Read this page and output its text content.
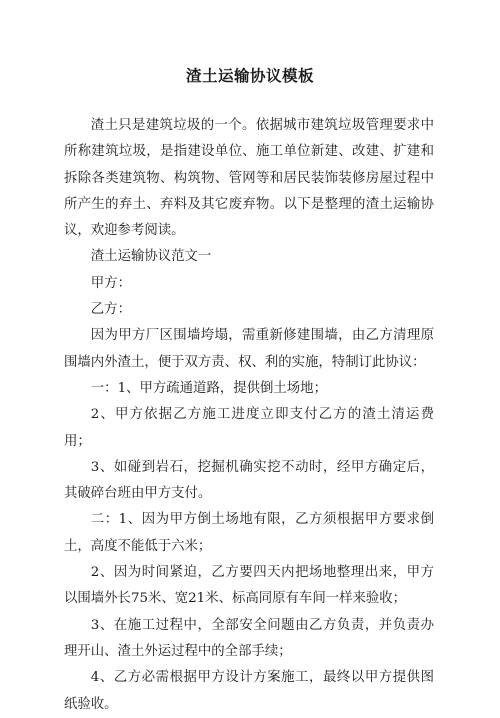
渣土运输协议模板

渣土只是建筑垃圾的一个。依据城市建筑垃圾管理要求中所称建筑垃圾，是指建设单位、施工单位新建、改建、扩建和拆除各类建筑物、构筑物、管网等和居民装饰装修房屋过程中所产生的弃土、弃料及其它废弃物。以下是整理的渣土运输协议，欢迎参考阅读。

渣土运输协议范文一

甲方：

乙方：

因为甲方厂区围墙垮塌，需重新修建围墙，由乙方清理原围墙内外渣土，便于双方责、权、利的实施，特制订此协议：

一：1、甲方疏通道路，提供倒土场地；

2、甲方依据乙方施工进度立即支付乙方的渣土清运费用；

3、如碰到岩石，挖掘机确实挖不动时，经甲方确定后，其破碎台班由甲方支付。

二：1、因为甲方倒土场地有限，乙方须根据甲方要求倒土，高度不能低于六米；

2、因为时间紧迫，乙方要四天内把场地整理出来，甲方以围墙外长75米、宽21米、标高同原有车间一样来验收；

3、在施工过程中，全部安全问题由乙方负责，并负责办理开山、渣土外运过程中的全部手续；

4、乙方必需根据甲方设计方案施工，最终以甲方提供图纸验收。
